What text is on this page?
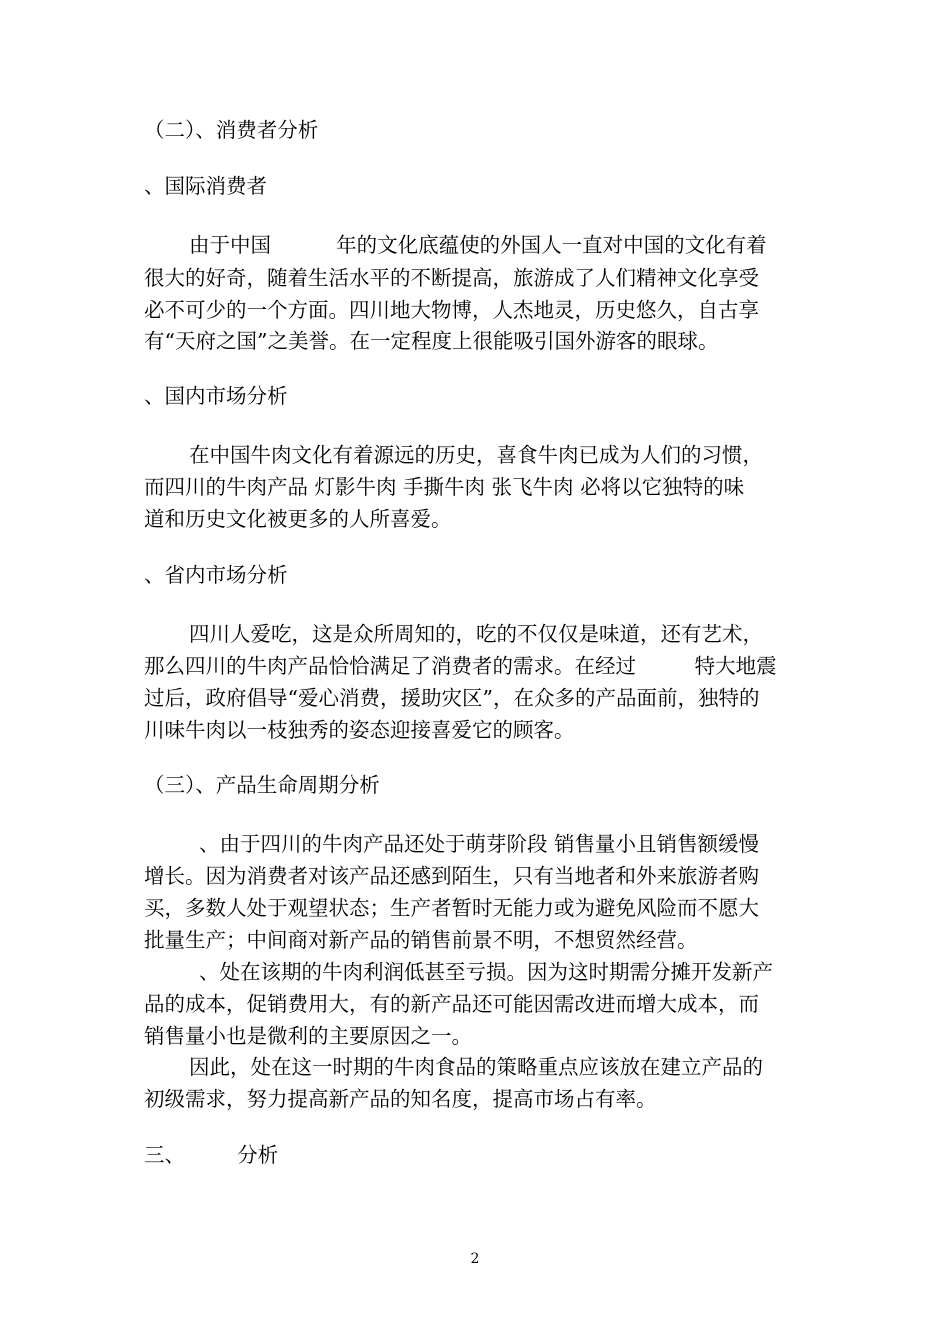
（二）、消费者分析
、国际消费者
由于中国          年的文化底蕴使的外国人一直对中国的文化有着
很大的好奇，随着生活水平的不断提高，旅游成了人们精神文化享受
必不可少的一个方面。四川地大物博，人杰地灵，历史悠久，自古享
有“天府之国”之美誉。在一定程度上很能吸引国外游客的眼球。
、国内市场分析
在中国牛肉文化有着源远的历史，喜食牛肉已成为人们的习惯，
而四川的牛肉产品 灯影牛肉 手撕牛肉 张飞牛肉 必将以它独特的味
道和历史文化被更多的人所喜爱。
、省内市场分析
四川人爱吃，这是众所周知的，吃的不仅仅是味道，还有艺术，
那么四川的牛肉产品恰恰满足了消费者的需求。在经过         特大地震
过后，政府倡导“爱心消费，援助灾区”，在众多的产品面前，独特的
川味牛肉以一枝独秀的姿态迎接喜爱它的顾客。
（三）、产品生命周期分析
、由于四川的牛肉产品还处于萌芽阶段 销售量小且销售额缓慢
增长。因为消费者对该产品还感到陌生，只有当地者和外来旅游者购
买，多数人处于观望状态；生产者暂时无能力或为避免风险而不愿大
批量生产；中间商对新产品的销售前景不明，不想贸然经营。
、处在该期的牛肉利润低甚至亏损。因为这时期需分摊开发新产
品的成本，促销费用大，有的新产品还可能因需改进而增大成本，而
销售量小也是微利的主要原因之一。
因此，处在这一时期的牛肉食品的策略重点应该放在建立产品的
初级需求，努力提高新产品的知名度，提高市场占有率。
三、        分析
2
